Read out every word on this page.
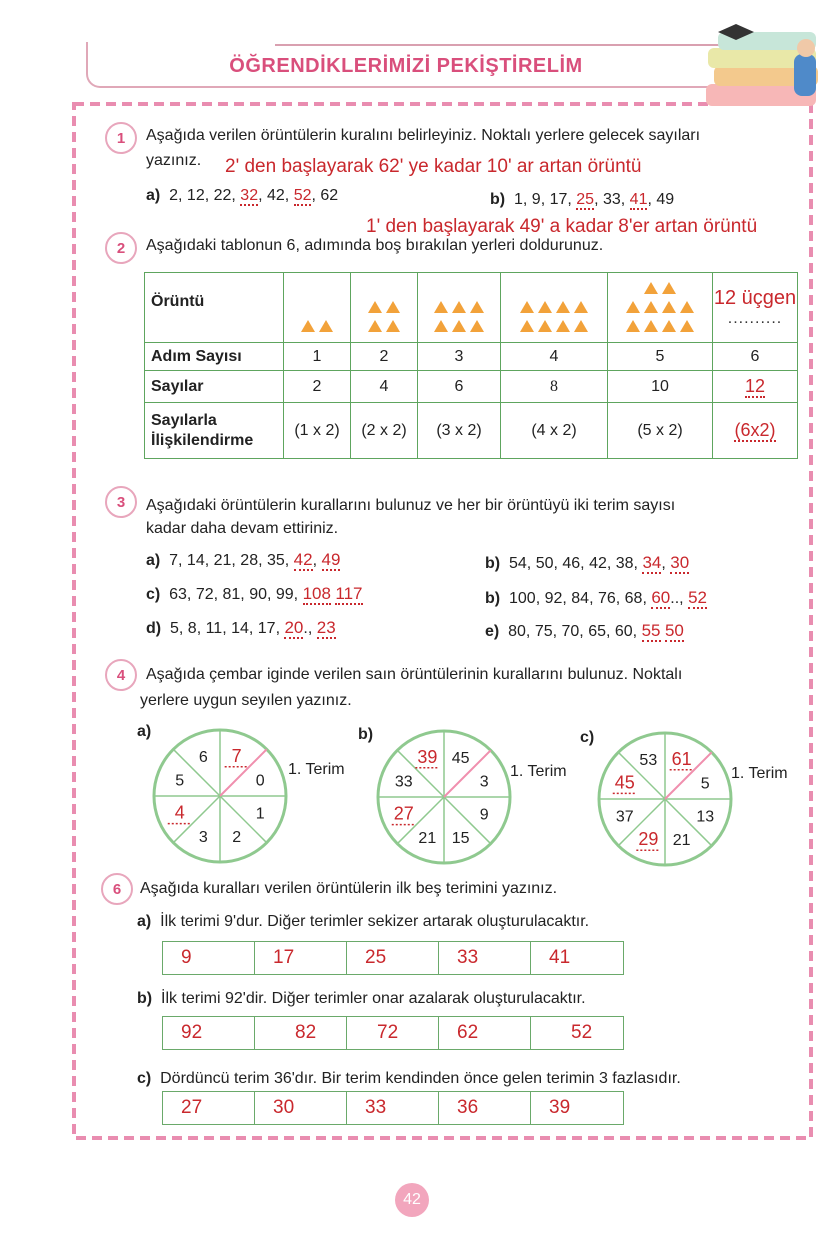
ÖĞRENDİKLERİMİZİ PEKİŞTİRELİM
1	Aşağıda verilen örüntülerin kuralını belirleyiniz. Noktalı yerlere gelecek sayıları
yazınız. 2' den başlayarak 62' ye kadar 10' ar artan örüntü
a) 2, 12, 22, 32, 42, 52, 62	b) 1, 9, 17, 25, 33, 41, 49
1' den başlayarak 49' a kadar 8'er artan örüntü
2	Aşağıdaki tablonun 6, adımında boş bırakılan yerleri doldurunuz.
Örüntü						12 üçgen
..........
Adım Sayısı	1	2	3	4	5	6
Sayılar	2	4	6	8	10	12
Sayılarla
İlişkilendirme	(1 x 2)	(2 x 2)	(3 x 2)	(4 x 2)	(5 x 2)	(6x2)
3	Aşağıdaki örüntülerin kurallarını bulunuz ve her bir örüntüyü iki terim sayısı
kadar daha devam ettiriniz.
a) 7, 14, 21, 28, 35, 42, 49	b) 54, 50, 46, 42, 38, 34, 30
c) 63, 72, 81, 90, 99, 108 117	b) 100, 92, 84, 76, 68, 60.., 52
d) 5, 8, 11, 14, 17, 20., 23	e) 80, 75, 70, 65, 60, 55 50
4	Aşağıda çembar igindе verilеn saın örüntülеrinin kurallarını bulunuz. Noktalı
yerlere uygun seyılen yazınız.
a)	b)	c)
1. Terim	1. Terim	1. Terim
0
1
2
3
4
5
6 7
3
9
15
21
27
33
39 45
5
13
21
29
37
45
53 61
6	Aşağıda kuralları verilen örüntülerin ilk beş terimini yazınız.
a) İlk terimi 9'dur. Diğer terimler sekizer artarak oluşturulacaktır.
9	17	25	33	41
b) İlk terimi 92'dir. Diğer terimler onar azalarak oluşturulacaktır.
92	82	72	62	52
c) Dördüncü terim 36'dır. Bir terim kendinden önce gelen terimin 3 fazlasıdır.
27	30	33	36	39
42
